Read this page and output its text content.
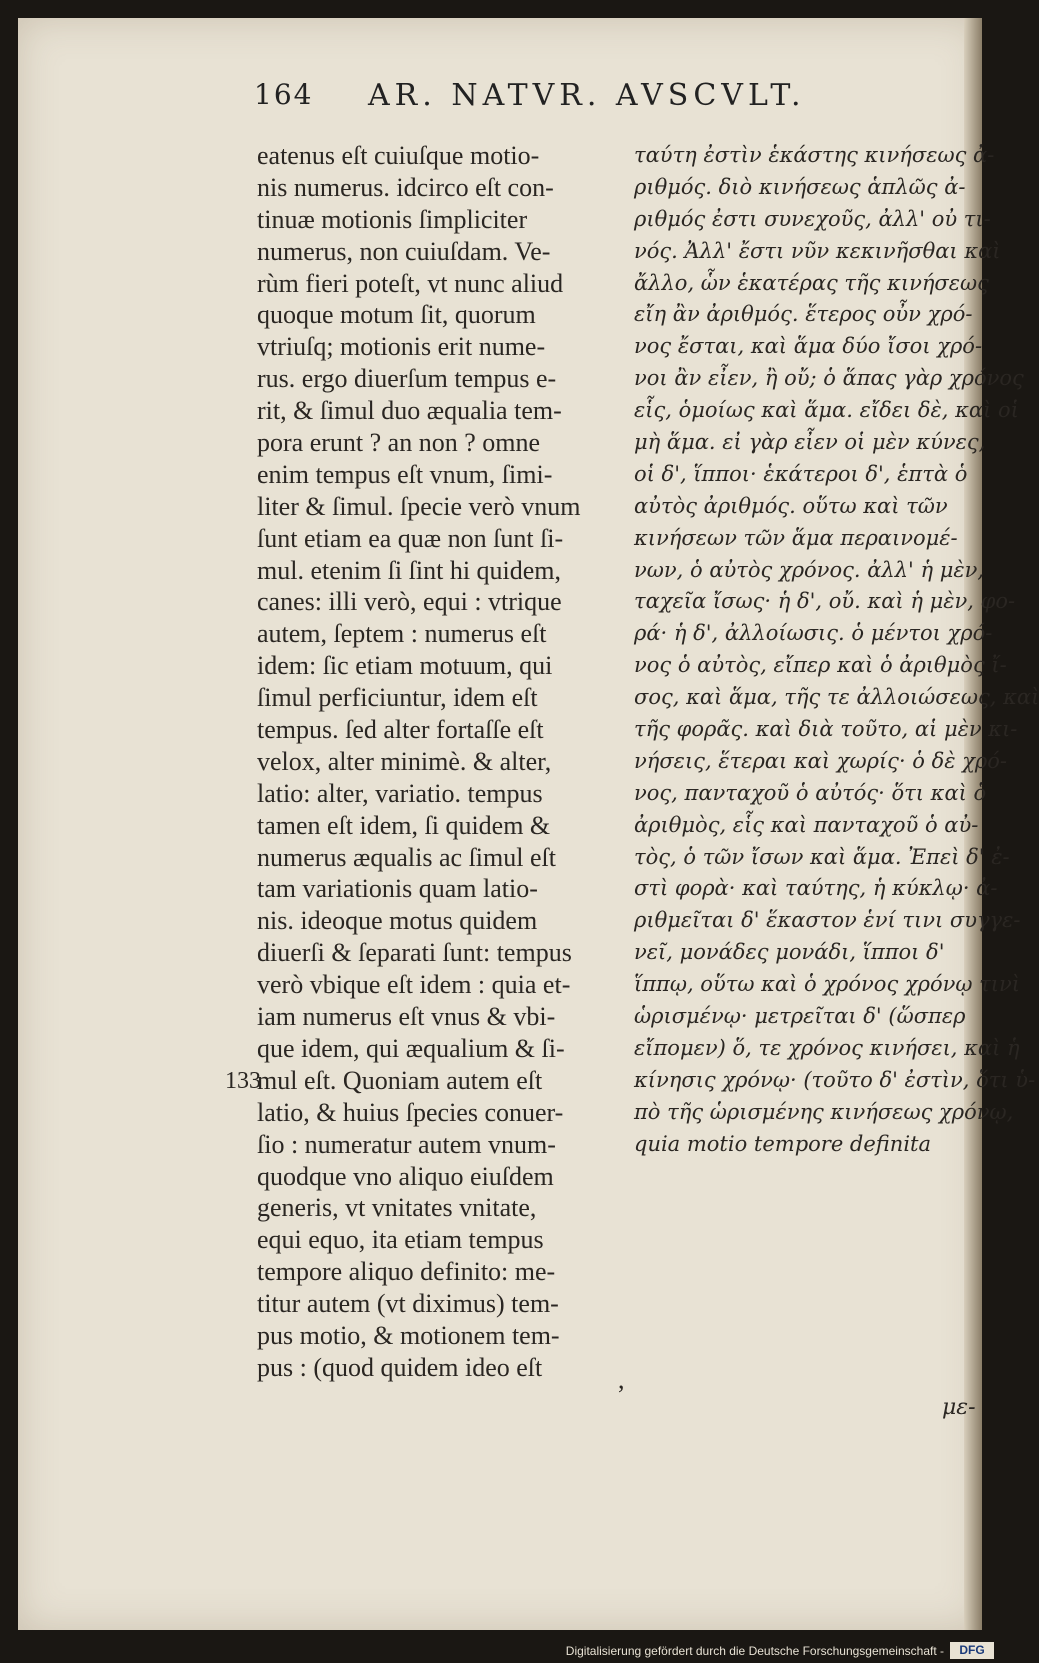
164 AR. NATVR. AVSCVLT.
eatenus eſt cuiuſque motio-
nis numerus. idcirco eſt con-
tinuæ motionis ſimpliciter
numerus, non cuiuſdam. Ve-
rùm fieri poteſt, vt nunc aliud
quoque motum ſit, quorum
vtriuſq; motionis erit nume-
rus. ergo diuerſum tempus e-
rit, & ſimul duo æqualia tem-
pora erunt ? an non ? omne
enim tempus eſt vnum, ſimi-
liter & ſimul. ſpecie verò vnum
ſunt etiam ea quæ non ſunt ſi-
mul. etenim ſi ſint hi quidem,
canes: illi verò, equi : vtrique
autem, ſeptem : numerus eſt
idem: ſic etiam motuum, qui
ſimul perficiuntur, idem eſt
tempus. ſed alter fortaſſe eſt
velox, alter minimè. & alter,
latio: alter, variatio. tempus
tamen eſt idem, ſi quidem &
numerus æqualis ac ſimul eſt
tam variationis quam latio-
nis. ideoque motus quidem
diuerſi & ſeparati ſunt: tempus
verò vbique eſt idem : quia et-
iam numerus eſt vnus & vbi-
que idem, qui æqualium & ſi-
mul eſt. Quoniam autem eſt
latio, & huius ſpecies conuer-
ſio : numeratur autem vnum-
quodque vno aliquo eiuſdem
generis, vt vnitates vnitate,
equi equo, ita etiam tempus
tempore aliquo definito: me-
titur autem (vt diximus) tem-
pus motio, & motionem tem-
pus : (quod quidem ideo eſt
ταύτη ἐστὶν ἑκάστης κινήσεως ἀ-
ριθμός. διὸ κινήσεως ἁπλῶς ἀ-
ριθμός ἐστι συνεχοῦς, ἀλλ' οὐ τι-
νός. Ἀλλ' ἔστι νῦν κεκινῆσθαι καὶ
ἄλλο, ὧν ἑκατέρας τῆς κινήσεως
εἴη ἂν ἀριθμός. ἕτερος οὖν χρό-
νος ἔσται, καὶ ἅμα δύο ἴσοι χρό-
νοι ἂν εἶεν, ἢ οὔ; ὁ ἅπας γὰρ χρόνος
εἷς, ὁμοίως καὶ ἅμα. εἴδει δὲ, καὶ οἱ
μὴ ἅμα. εἰ γὰρ εἶεν οἱ μὲν κύνες,
οἱ δ', ἵπποι· ἑκάτεροι δ', ἑπτὰ ὁ
αὐτὸς ἀριθμός. οὕτω καὶ τῶν
κινήσεων τῶν ἅμα περαινομέ-
νων, ὁ αὐτὸς χρόνος. ἀλλ' ἡ μὲν,
ταχεῖα ἴσως· ἡ δ', οὔ. καὶ ἡ μὲν, φο-
ρά· ἡ δ', ἀλλοίωσις. ὁ μέντοι χρό-
νος ὁ αὐτὸς, εἴπερ καὶ ὁ ἀριθμὸς ἴ-
σος, καὶ ἅμα, τῆς τε ἀλλοιώσεως, καὶ
τῆς φορᾶς. καὶ διὰ τοῦτο, αἱ μὲν κι-
νήσεις, ἕτεραι καὶ χωρίς· ὁ δὲ χρό-
νος, πανταχοῦ ὁ αὐτός· ὅτι καὶ ὁ
ἀριθμὸς, εἷς καὶ πανταχοῦ ὁ αὐ-
τὸς, ὁ τῶν ἴσων καὶ ἅμα. Ἐπεὶ δ' ἐ-
στὶ φορὰ· καὶ ταύτης, ἡ κύκλῳ· ἀ-
ριθμεῖται δ' ἕκαστον ἑνί τινι συγγε-
νεῖ, μονάδες μονάδι, ἵπποι δ'
ἵππῳ, οὕτω καὶ ὁ χρόνος χρόνῳ τινὶ
ὡρισμένῳ· μετρεῖται δ' (ὥσπερ
εἴπομεν) ὅ, τε χρόνος κινήσει, καὶ ἡ
κίνησις χρόνῳ· (τοῦτο δ' ἐστὶν, ὅτι ὑ-
πὸ τῆς ὡρισμένης κινήσεως χρόνῳ,
quia motio tempore definita
133
,
με-
Digitalisierung gefördert durch die Deutsche Forschungsgemeinschaft -	DFG
